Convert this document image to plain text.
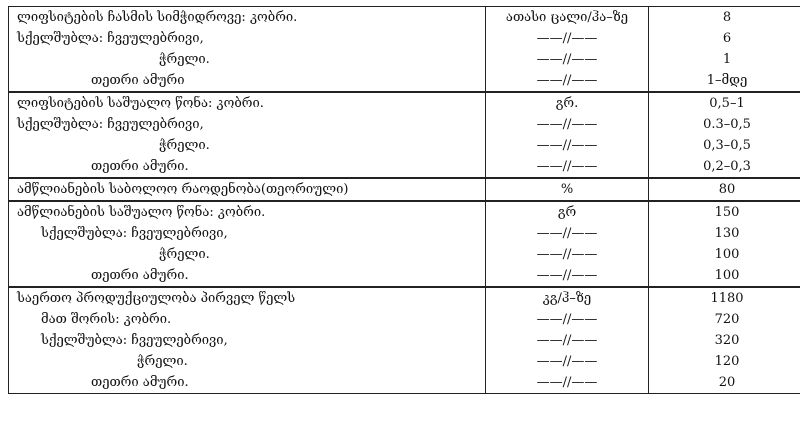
ლიფსიტების ჩასმის სიმჭიდროვე: კობრი.	ათასი ცალი/ჰა–ზე	8
სქელშუბლა: ჩვეულებრივი,	——//——	6
ჭრელი.	——//——	1
თეთრი ამური	——//——	1–მდე
ლიფსიტების საშუალო წონა: კობრი.	გრ.	0,5–1
სქელშუბლა: ჩვეულებრივი,	——//——	0.3–0,5
ჭრელი.	——//——	0,3–0,5
თეთრი ამური.	——//——	0,2–0,3
ამწლიანების საბოლოო რაოდენობა(თეორიული)	%	80
ამწლიანების საშუალო წონა: კობრი.	გრ	150
სქელშუბლა: ჩვეულებრივი,	——//——	130
ჭრელი.	——//——	100
თეთრი ამური.	——//——	100
საერთო პროდუქციულობა პირველ წელს	კგ/ჰ–ზე	1180
მათ შორის: კობრი.	——//——	720
სქელშუბლა: ჩვეულებრივი,	——//——	320
ჭრელი.	——//——	120
თეთრი ამური.	——//——	20
